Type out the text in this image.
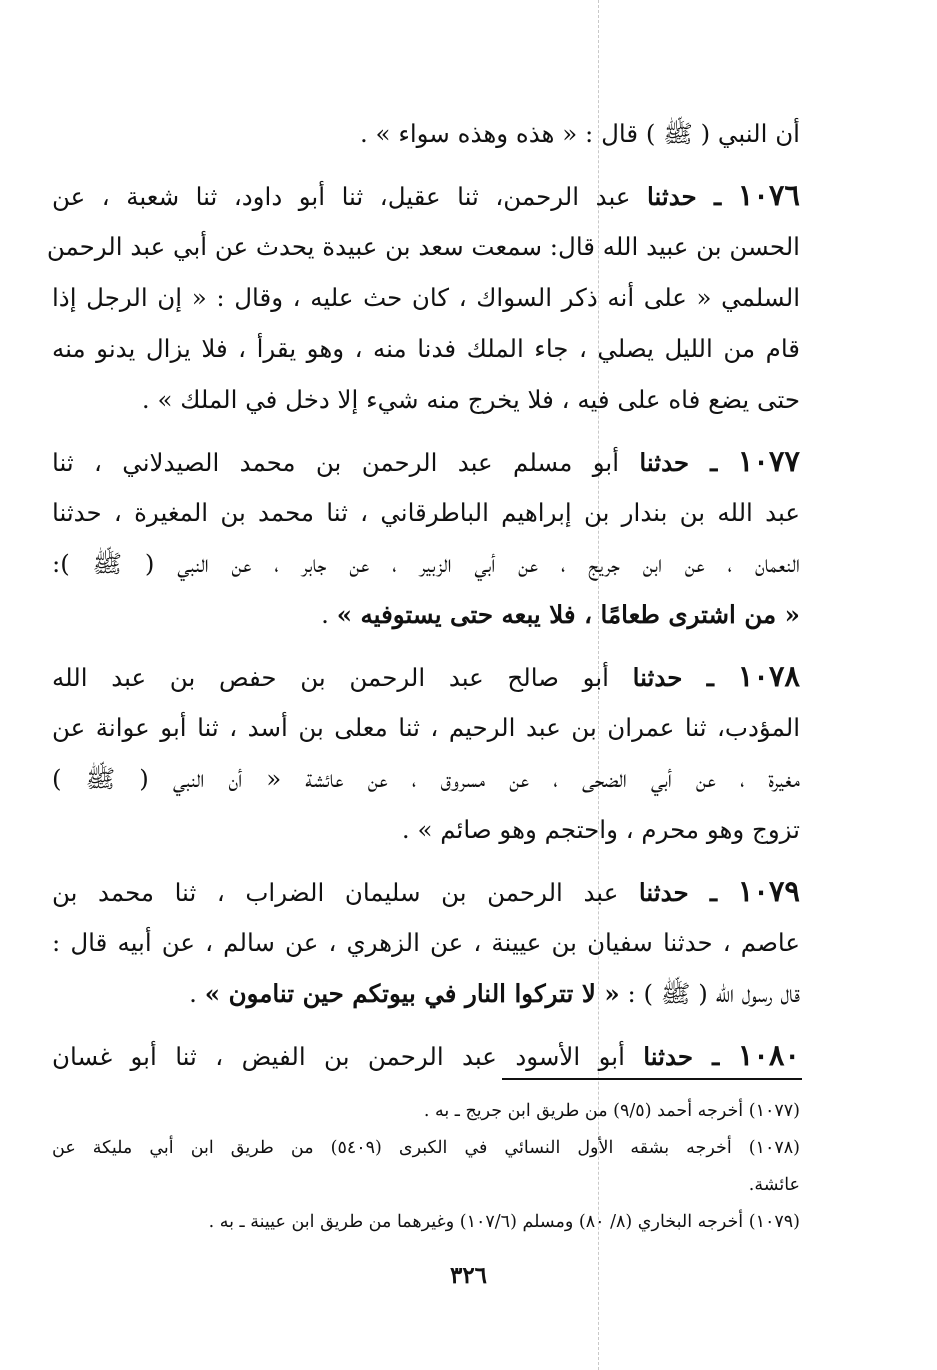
أن النبي ( ﷺ ) قال : « هذه وهذه سواء » .
١٠٧٦ ـ حدثنا عبد الرحمن، ثنا عقيل، ثنا أبو داود، ثنا شعبة ، عن
الحسن بن عبيد الله قال: سمعت سعد بن عبيدة يحدث عن أبي عبد الرحمن
السلمي « على أنه ذكر السواك ، كان حث عليه ، وقال : « إن الرجل إذا
قام من الليل يصلي ، جاء الملك فدنا منه ، وهو يقرأ ، فلا يزال يدنو منه
حتى يضع فاه على فيه ، فلا يخرج منه شيء إلا دخل في الملك » .
١٠٧٧ ـ حدثنا أبو مسلم عبد الرحمن بن محمد الصيدلاني ، ثنا
عبد الله بن بندار بن إبراهيم الباطرقاني ، ثنا محمد بن المغيرة ، حدثنا
النعمان ، عن ابن جريج ، عن أبي الزبير ، عن جابر ، عن النبي ( ﷺ ):
« من اشترى طعامًا ، فلا يبعه حتى يستوفيه » .
١٠٧٨ ـ حدثنا أبو صالح عبد الرحمن بن حفص بن عبد الله
المؤدب، ثنا عمران بن عبد الرحيم ، ثنا معلى بن أسد ، ثنا أبو عوانة عن
مغيرة ، عن أبي الضحى ، عن مسروق ، عن عائشة « أن النبي ( ﷺ )
تزوج وهو محرم ، واحتجم وهو صائم » .
١٠٧٩ ـ حدثنا عبد الرحمن بن سليمان الضراب ، ثنا محمد بن
عاصم ، حدثنا سفيان بن عيينة ، عن الزهري ، عن سالم ، عن أبيه قال :
قال رسول الله ( ﷺ ) : « لا تتركوا النار في بيوتكم حين تنامون » .
١٠٨٠ ـ حدثنا أبو الأسود عبد الرحمن بن الفيض ، ثنا أبو غسان
(١٠٧٧) أخرجه أحمد (٩/٥) من طريق ابن جريج ـ به .
(١٠٧٨) أخرجه بشقه الأول النسائي في الكبرى (٥٤٠٩) من طريق ابن أبي مليكة عن
عائشة.
(١٠٧٩) أخرجه البخاري (٨/ ٨٠) ومسلم (١٠٧/٦) وغيرهما من طريق ابن عيينة ـ به .
٣٢٦
